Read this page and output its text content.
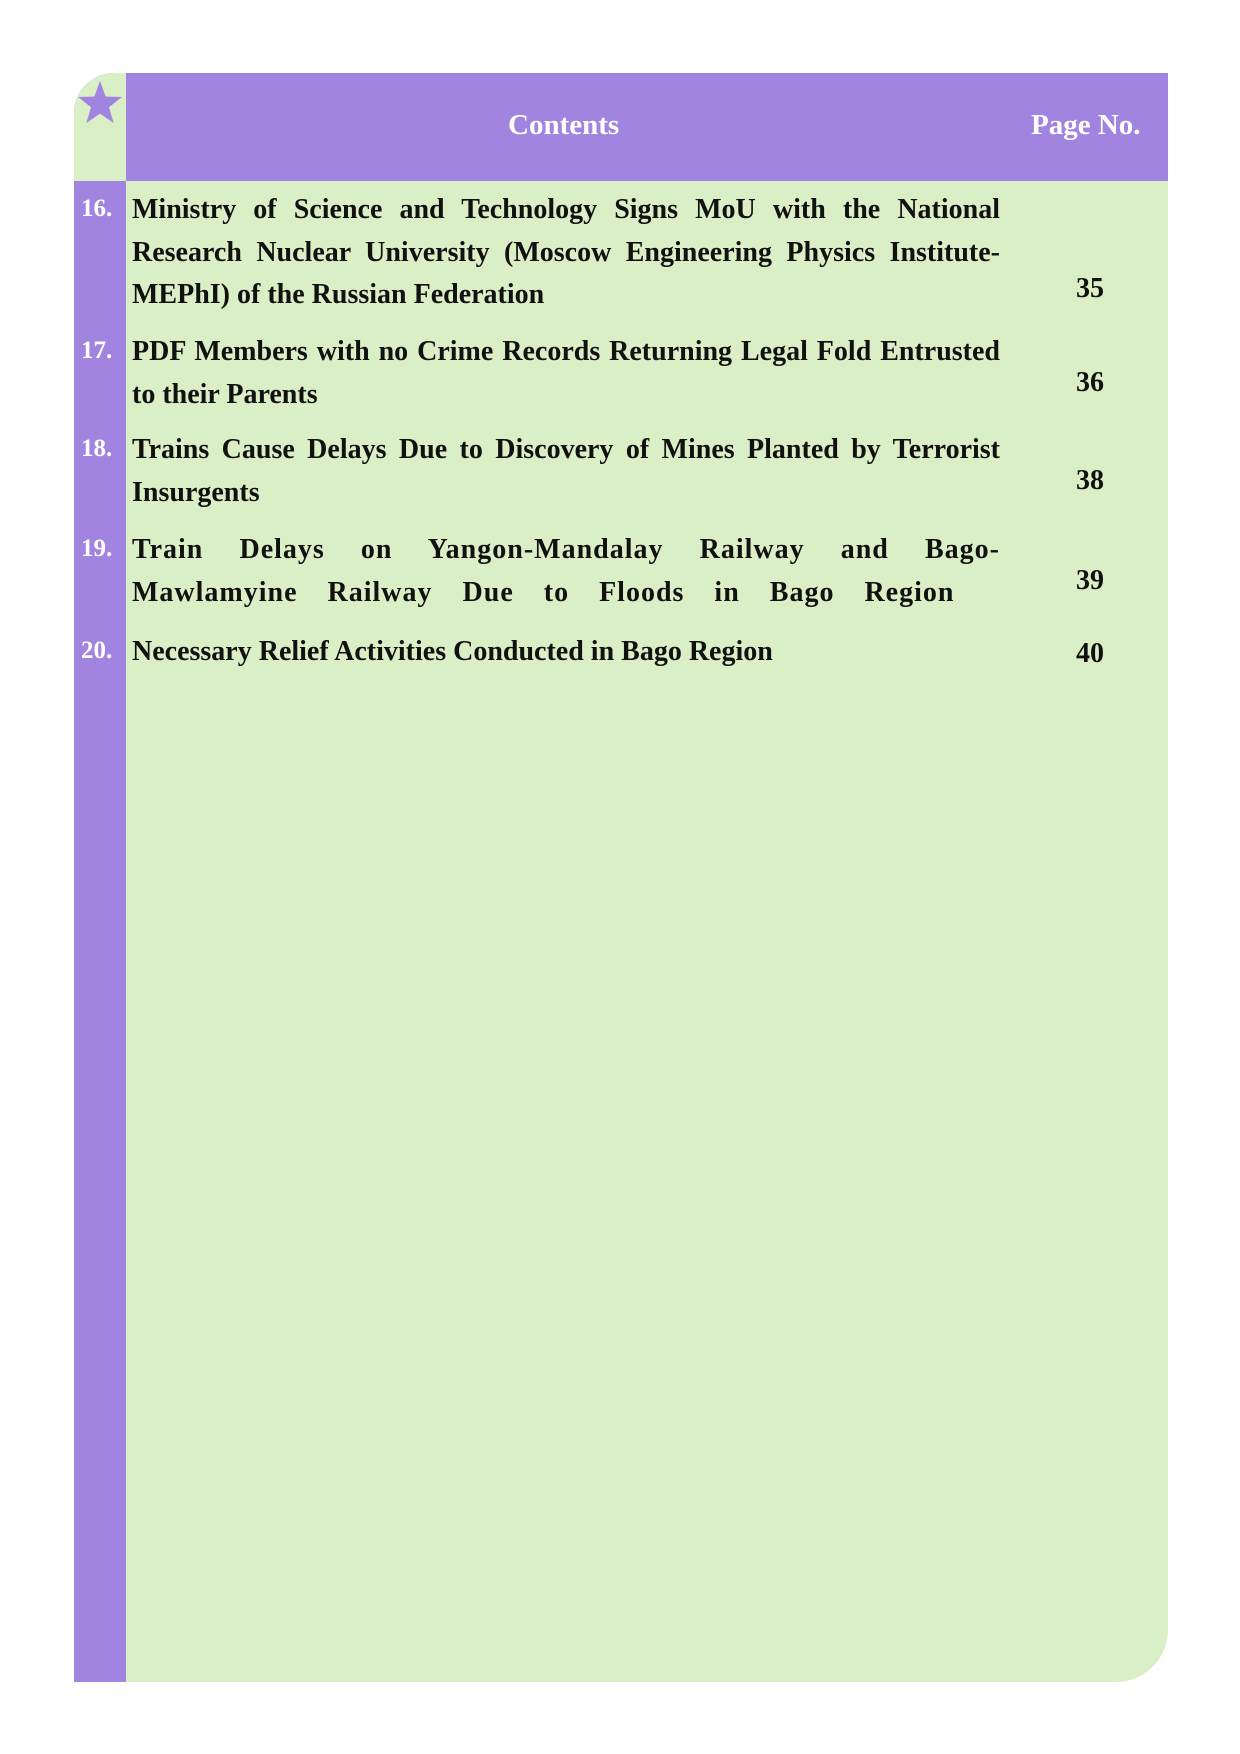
Contents	Page No.
16. Ministry of Science and Technology Signs MoU with the National Research Nuclear University (Moscow Engineering Physics Institute-MEPhI) of the Russian Federation	35
17. PDF Members with no Crime Records Returning Legal Fold Entrusted to their Parents	36
18. Trains Cause Delays Due to Discovery of Mines Planted by Terrorist Insurgents	38
19. Train Delays on Yangon-Mandalay Railway and Bago-Mawlamyine Railway Due to Floods in Bago Region	39
20. Necessary Relief Activities Conducted in Bago Region	40
